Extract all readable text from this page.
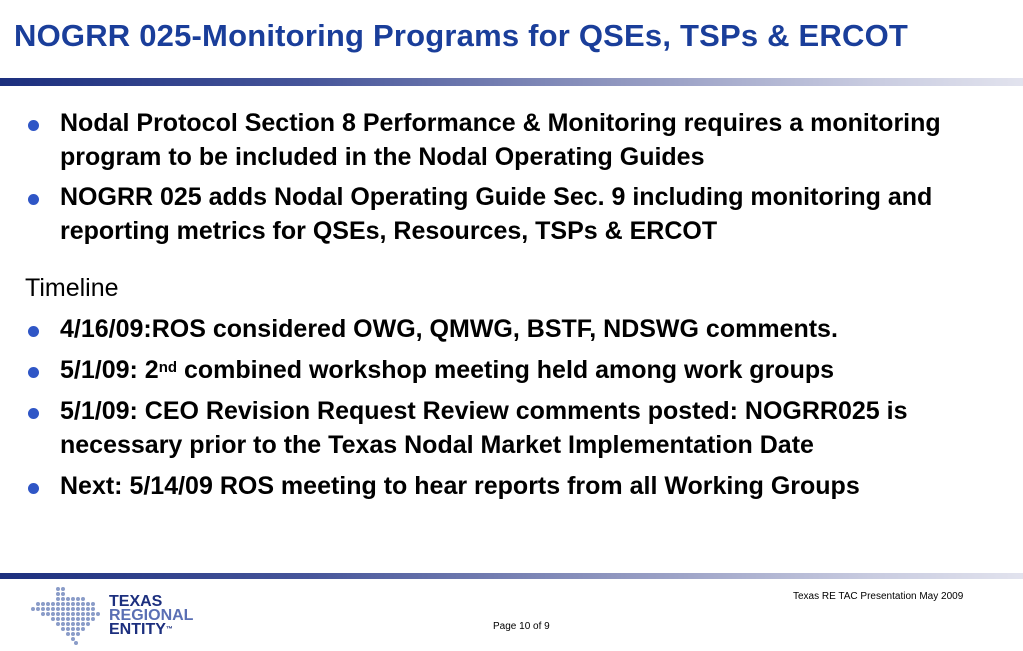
NOGRR 025-Monitoring Programs for QSEs, TSPs & ERCOT
Nodal Protocol Section 8 Performance & Monitoring requires a monitoring program to be included in the Nodal Operating Guides
NOGRR 025 adds Nodal Operating Guide Sec. 9 including monitoring and reporting metrics for QSEs, Resources, TSPs & ERCOT
Timeline
4/16/09:ROS considered OWG, QMWG, BSTF, NDSWG comments.
5/1/09: 2nd combined workshop meeting held among work groups
5/1/09: CEO Revision Request Review comments posted: NOGRR025 is necessary prior to the Texas Nodal Market Implementation Date
Next: 5/14/09 ROS meeting to hear reports from all Working Groups
TEXAS
REGIONAL
ENTITY™
Texas RE TAC Presentation May 2009
Page 10 of 9
